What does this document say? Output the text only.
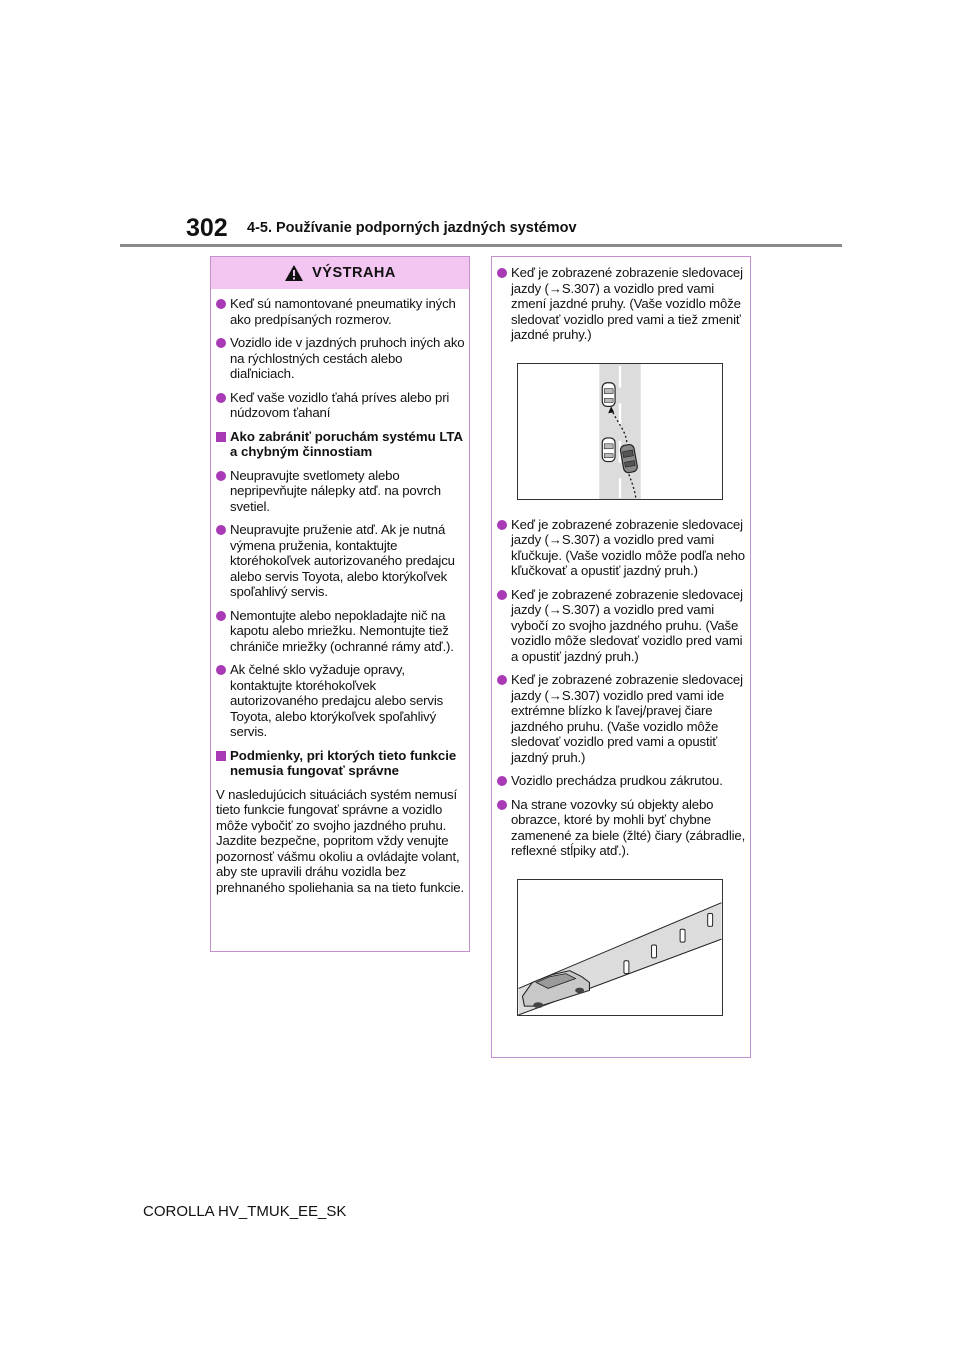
302 4-5. Používanie podporných jazdných systémov
VÝSTRAHA
Keď sú namontované pneumatiky iných ako predpísaných rozmerov.
Vozidlo ide v jazdných pruhoch iných ako na rýchlostných cestách alebo diaľniciach.
Keď vaše vozidlo ťahá príves alebo pri núdzovom ťahaní
Ako zabrániť poruchám systému LTA a chybným činnostiam
Neupravujte svetlomety alebo nepripevňujte nálepky atď. na povrch svetiel.
Neupravujte pruženie atď. Ak je nutná výmena pruženia, kontaktujte ktoréhokoľvek autorizovaného predajcu alebo servis Toyota, alebo ktorýkoľvek spoľahlivý servis.
Nemontujte alebo nepokladajte nič na kapotu alebo mriežku. Nemontujte tiež chrániče mriežky (ochranné rámy atď.).
Ak čelné sklo vyžaduje opravy, kontaktujte ktoréhokoľvek autorizovaného predajcu alebo servis Toyota, alebo ktorýkoľvek spoľahlivý servis.
Podmienky, pri ktorých tieto funkcie nemusia fungovať správne
V nasledujúcich situáciách systém nemusí tieto funkcie fungovať správne a vozidlo môže vybočiť zo svojho jazdného pruhu. Jazdite bezpečne, popritom vždy venujte pozornosť vášmu okoliu a ovládajte volant, aby ste upravili dráhu vozidla bez prehnaného spoliehania sa na tieto funkcie.
Keď je zobrazené zobrazenie sledovacej jazdy (→S.307) a vozidlo pred vami zmení jazdné pruhy. (Vaše vozidlo môže sledovať vozidlo pred vami a tiež zmeniť jazdné pruhy.)
Keď je zobrazené zobrazenie sledovacej jazdy (→S.307) a vozidlo pred vami kľučkuje. (Vaše vozidlo môže podľa neho kľučkovať a opustiť jazdný pruh.)
Keď je zobrazené zobrazenie sledovacej jazdy (→S.307) a vozidlo pred vami vybočí zo svojho jazdného pruhu. (Vaše vozidlo môže sledovať vozidlo pred vami a opustiť jazdný pruh.)
Keď je zobrazené zobrazenie sledovacej jazdy (→S.307) vozidlo pred vami ide extrémne blízko k ľavej/pravej čiare jazdného pruhu. (Vaše vozidlo môže sledovať vozidlo pred vami a opustiť jazdný pruh.)
Vozidlo prechádza prudkou zákrutou.
Na strane vozovky sú objekty alebo obrazce, ktoré by mohli byť chybne zamenené za biele (žlté) čiary (zábradlie, reflexné stĺpiky atď.).
COROLLA HV_TMUK_EE_SK
